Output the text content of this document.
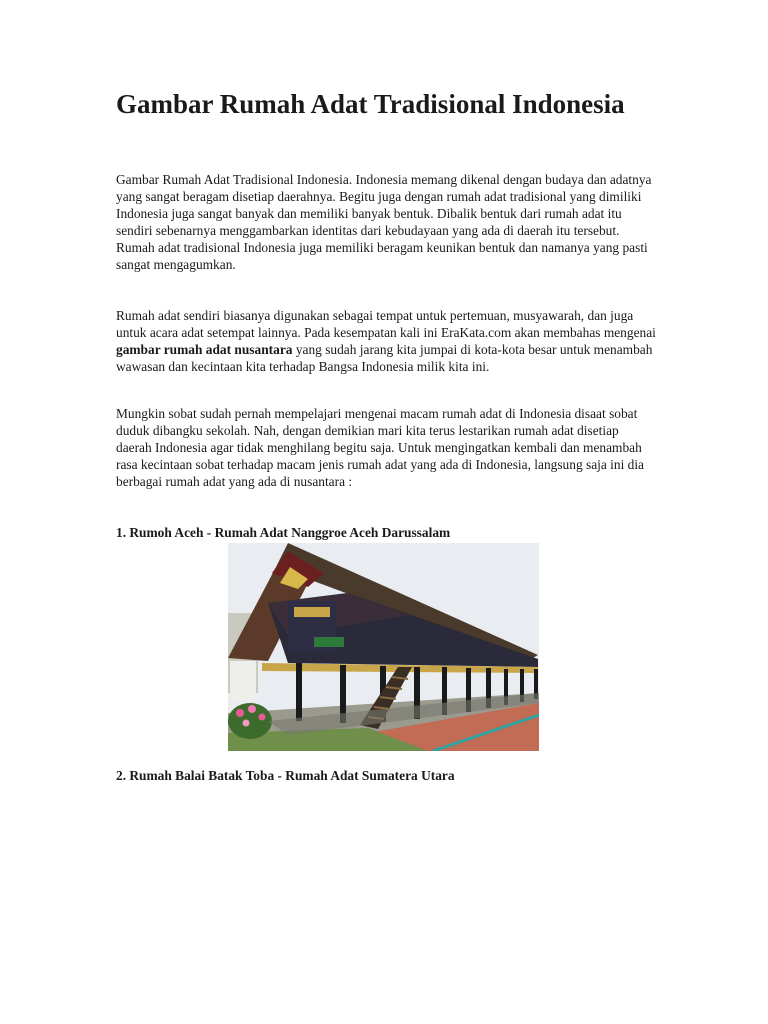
Gambar Rumah Adat Tradisional Indonesia

Gambar Rumah Adat Tradisional Indonesia. Indonesia memang dikenal dengan budaya dan adatnya yang sangat beragam disetiap daerahnya. Begitu juga dengan rumah adat tradisional yang dimiliki Indonesia juga sangat banyak dan memiliki banyak bentuk. Dibalik bentuk dari rumah adat itu sendiri sebenarnya menggambarkan identitas dari kebudayaan yang ada di daerah itu tersebut. Rumah adat tradisional Indonesia juga memiliki beragam keunikan bentuk dan namanya yang pasti sangat mengagumkan.

Rumah adat sendiri biasanya digunakan sebagai tempat untuk pertemuan, musyawarah, dan juga untuk acara adat setempat lainnya. Pada kesempatan kali ini EraKata.com akan membahas mengenai gambar rumah adat nusantara yang sudah jarang kita jumpai di kota-kota besar untuk menambah wawasan dan kecintaan kita terhadap Bangsa Indonesia milik kita ini.

Mungkin sobat sudah pernah mempelajari mengenai macam rumah adat di Indonesia disaat sobat duduk dibangku sekolah. Nah, dengan demikian mari kita terus lestarikan rumah adat disetiap daerah Indonesia agar tidak menghilang begitu saja. Untuk mengingatkan kembali dan menambah rasa kecintaan sobat terhadap macam jenis rumah adat yang ada di Indonesia, langsung saja ini dia berbagai rumah adat yang ada di nusantara :

1. Rumoh Aceh - Rumah Adat Nanggroe Aceh Darussalam

2. Rumah Balai Batak Toba - Rumah Adat Sumatera Utara
